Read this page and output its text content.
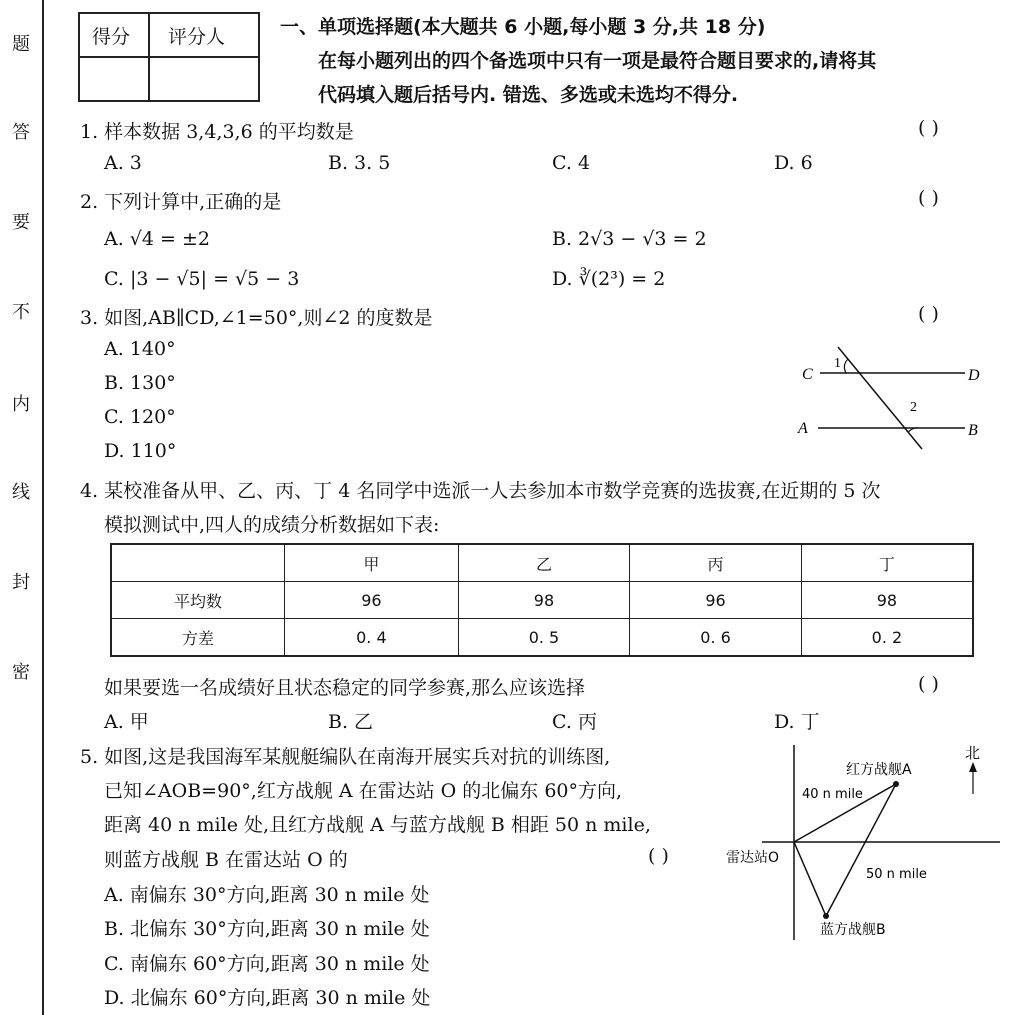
题
答
要
不
内
线
封
密
得分 评分人	一、单项选择题(本大题共 6 小题,每小题 3 分,共 18 分)
在每小题列出的四个备选项中只有一项是最符合题目要求的,请将其
代码填入题后括号内. 错选、多选或未选均不得分.
1. 样本数据 3,4,3,6 的平均数是	( )
A. 3	B. 3. 5	C. 4	D. 6
2. 下列计算中,正确的是	( )
A. √4 = ±2	B. 2√3 − √3 = 2
C. |3 − √5| = √5 − 3	D. ∛(2³) = 2
3. 如图,AB∥CD,∠1=50°,则∠2 的度数是	( )
A. 140°
B. 130°
C. 120°
D. 110°
C	D
A	B
1
2
4. 某校准备从甲、乙、丙、丁 4 名同学中选派一人去参加本市数学竞赛的选拔赛,在近期的 5 次
模拟测试中,四人的成绩分析数据如下表:
	甲	乙	丙	丁
平均数	96	98	96	98
方差	0. 4	0. 5	0. 6	0. 2
如果要选一名成绩好且状态稳定的同学参赛,那么应该选择	( )
A. 甲	B. 乙	C. 丙	D. 丁
5. 如图,这是我国海军某舰艇编队在南海开展实兵对抗的训练图,
已知∠AOB=90°,红方战舰 A 在雷达站 O 的北偏东 60°方向,
距离 40 n mile 处,且红方战舰 A 与蓝方战舰 B 相距 50 n mile,
则蓝方战舰 B 在雷达站 O 的	( )
A. 南偏东 30°方向,距离 30 n mile 处
B. 北偏东 30°方向,距离 30 n mile 处
C. 南偏东 60°方向,距离 30 n mile 处
D. 北偏东 60°方向,距离 30 n mile 处
北
红方战舰A
40 n mile
50 n mile
雷达站O
蓝方战舰B
